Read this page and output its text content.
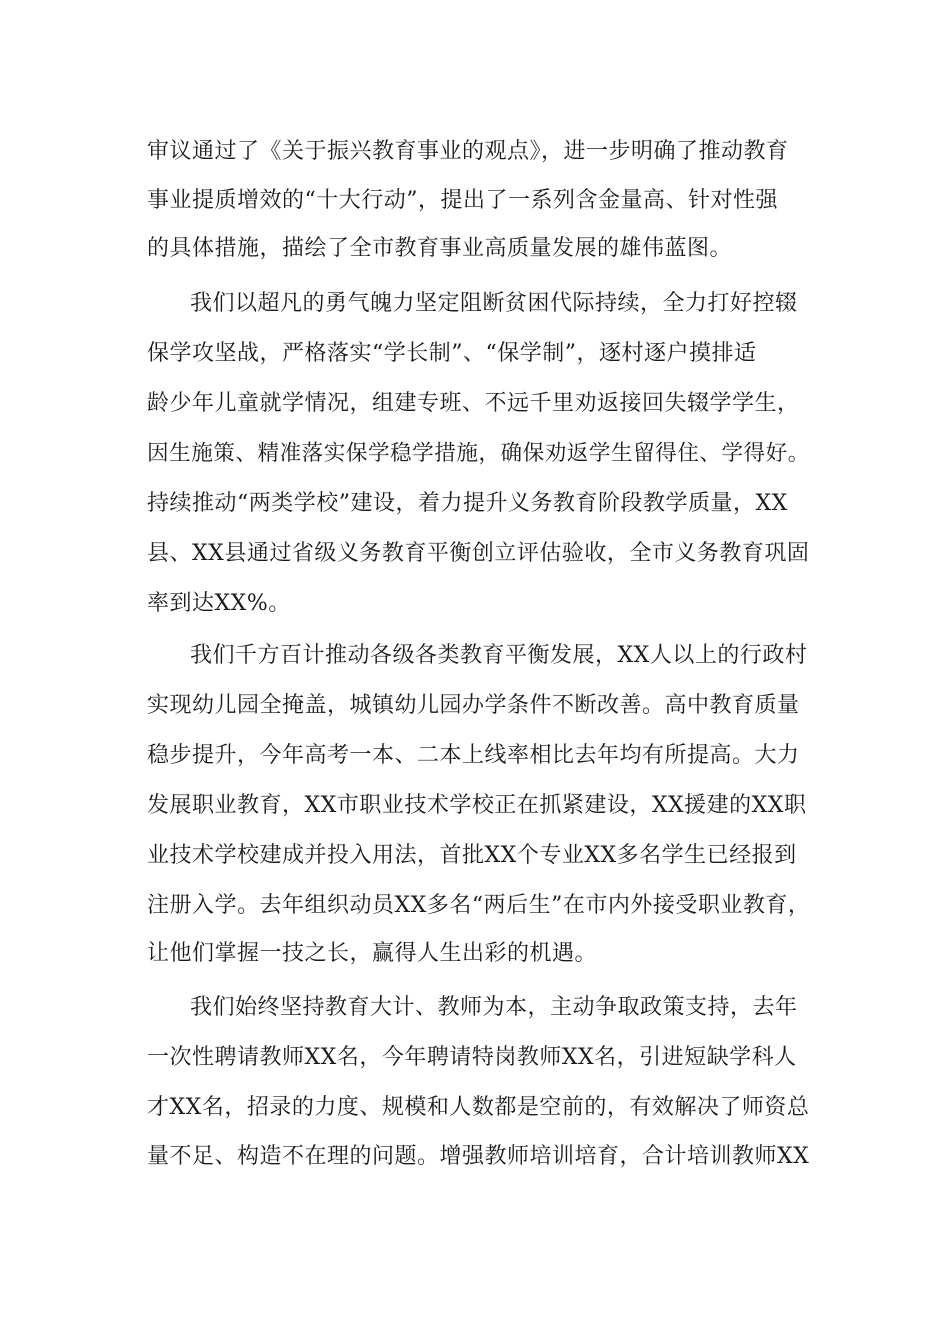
审议通过了《关于振兴教育事业的观点》，进一步明确了推动教育
事业提质增效的“十大行动”，提出了一系列含金量高、针对性强
的具体措施，描绘了全市教育事业高质量发展的雄伟蓝图。
我们以超凡的勇气魄力坚定阻断贫困代际持续，全力打好控辍
保学攻坚战，严格落实“学长制”、“保学制”，逐村逐户摸排适
龄少年儿童就学情况，组建专班、不远千里劝返接回失辍学学生，
因生施策、精准落实保学稳学措施，确保劝返学生留得住、学得好。
持续推动“两类学校”建设，着力提升义务教育阶段教学质量，XX
县、XX县通过省级义务教育平衡创立评估验收，全市义务教育巩固
率到达XX%。
我们千方百计推动各级各类教育平衡发展，XX人以上的行政村
实现幼儿园全掩盖，城镇幼儿园办学条件不断改善。高中教育质量
稳步提升，今年高考一本、二本上线率相比去年均有所提高。大力
发展职业教育，XX市职业技术学校正在抓紧建设，XX援建的XX职
业技术学校建成并投入用法，首批XX个专业XX多名学生已经报到
注册入学。去年组织动员XX多名“两后生”在市内外接受职业教育，
让他们掌握一技之长，赢得人生出彩的机遇。
我们始终坚持教育大计、教师为本，主动争取政策支持，去年
一次性聘请教师XX名，今年聘请特岗教师XX名，引进短缺学科人
才XX名，招录的力度、规模和人数都是空前的，有效解决了师资总
量不足、构造不在理的问题。增强教师培训培育，合计培训教师XX
